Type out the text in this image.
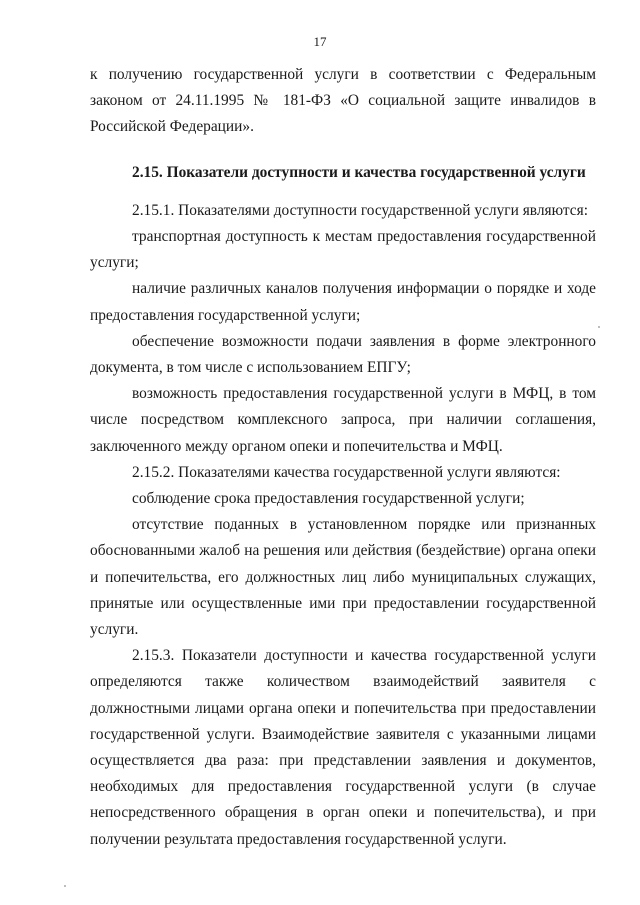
17

к получению государственной услуги в соответствии с Федеральным законом от 24.11.1995 № 181-ФЗ «О социальной защите инвалидов в Российской Федерации».

2.15. Показатели доступности и качества государственной услуги

2.15.1. Показателями доступности государственной услуги являются:

транспортная доступность к местам предоставления государственной услуги;

наличие различных каналов получения информации о порядке и ходе предоставления государственной услуги;

обеспечение возможности подачи заявления в форме электронного документа, в том числе с использованием ЕПГУ;

возможность предоставления государственной услуги в МФЦ, в том числе посредством комплексного запроса, при наличии соглашения, заключенного между органом опеки и попечительства и МФЦ.

2.15.2. Показателями качества государственной услуги являются:

соблюдение срока предоставления государственной услуги;

отсутствие поданных в установленном порядке или признанных обоснованными жалоб на решения или действия (бездействие) органа опеки и попечительства, его должностных лиц либо муниципальных служащих, принятые или осуществленные ими при предоставлении государственной услуги.

2.15.3. Показатели доступности и качества государственной услуги определяются также количеством взаимодействий заявителя с должностными лицами органа опеки и попечительства при предоставлении государственной услуги. Взаимодействие заявителя с указанными лицами осуществляется два раза: при представлении заявления и документов, необходимых для предоставления государственной услуги (в случае непосредственного обращения в орган опеки и попечительства), и при получении результата предоставления государственной услуги.
